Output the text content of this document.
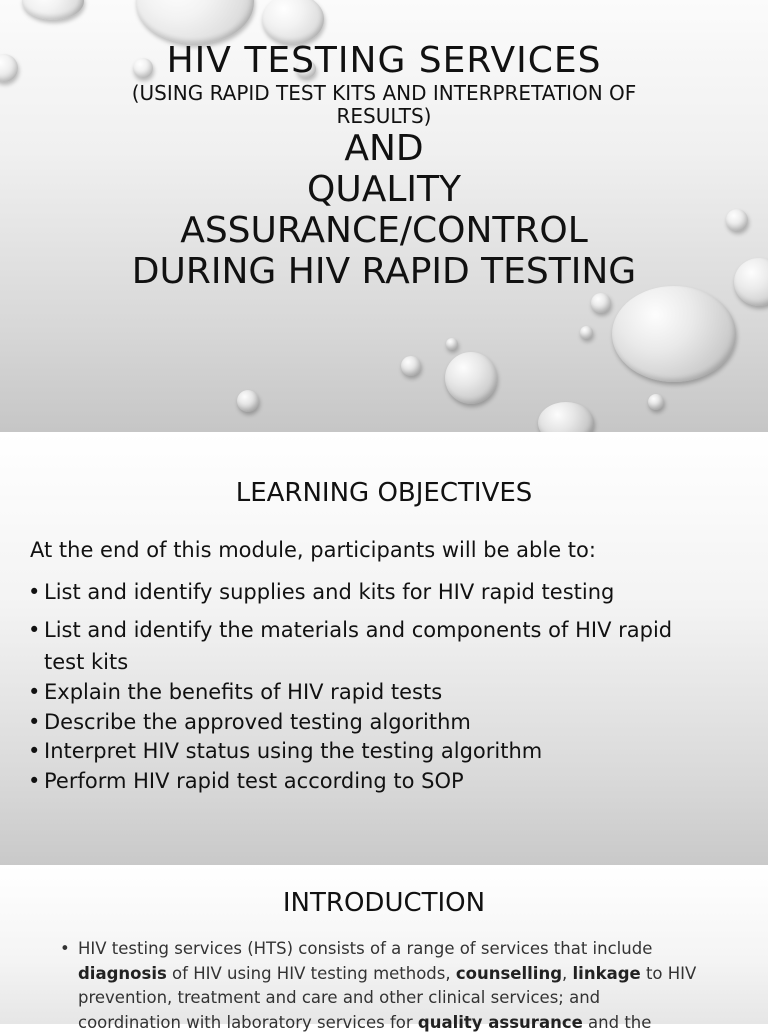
HIV TESTING SERVICES
(USING RAPID TEST KITS AND INTERPRETATION OF RESULTS)
AND
QUALITY
ASSURANCE/CONTROL
DURING HIV RAPID TESTING
LEARNING OBJECTIVES
At the end of this module, participants will be able to:
• List and identify supplies and kits for HIV rapid testing
• List and identify the materials and components of HIV rapid test kits
• Explain the benefits of HIV rapid tests
• Describe the approved testing algorithm
• Interpret HIV status using the testing algorithm
• Perform HIV rapid test according to SOP
INTRODUCTION
• HIV testing services (HTS) consists of a range of services that include diagnosis of HIV using HIV testing methods, counselling, linkage to HIV prevention, treatment and care and other clinical services; and coordination with laboratory services for quality assurance and the
